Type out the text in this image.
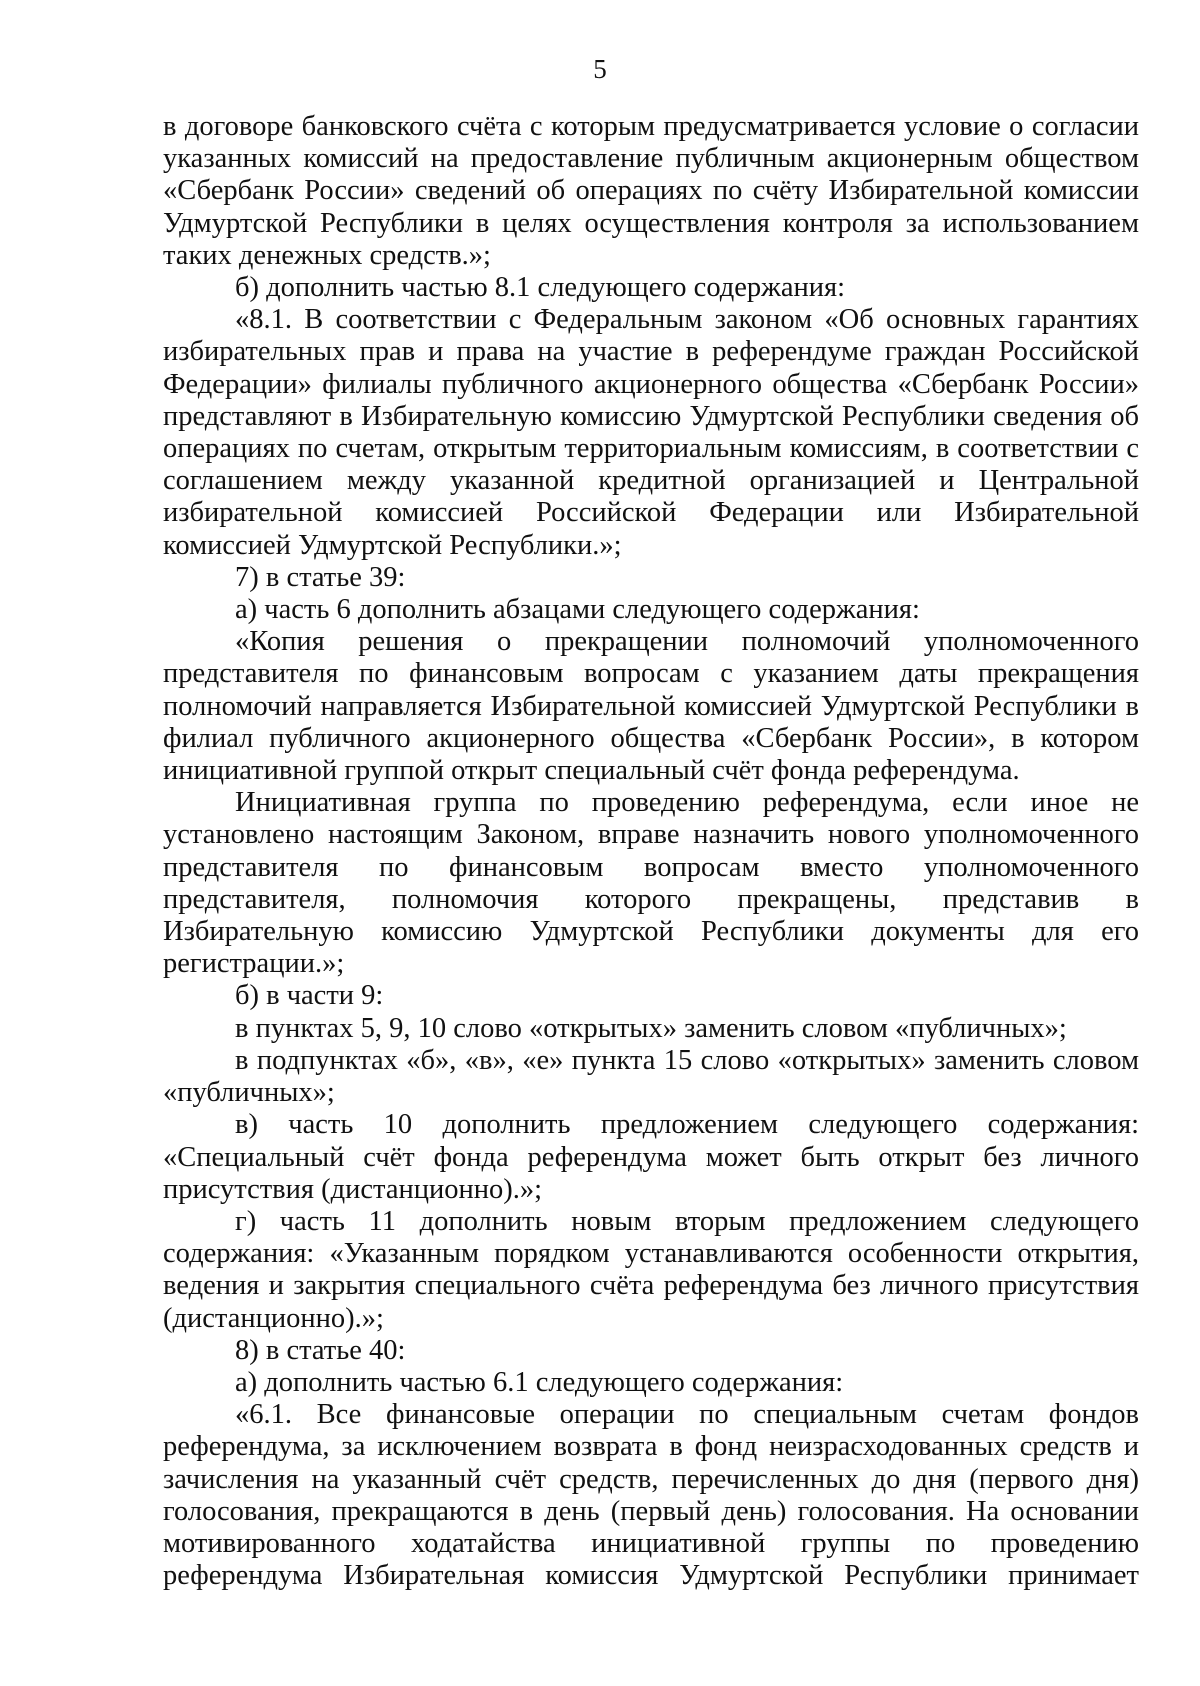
5

в договоре банковского счёта с которым предусматривается условие о согласии указанных комиссий на предоставление публичным акционерным обществом «Сбербанк России» сведений об операциях по счёту Избирательной комиссии Удмуртской Республики в целях осуществления контроля за использованием таких денежных средств.»;

б) дополнить частью 8.1 следующего содержания:

«8.1. В соответствии с Федеральным законом «Об основных гарантиях избирательных прав и права на участие в референдуме граждан Российской Федерации» филиалы публичного акционерного общества «Сбербанк России» представляют в Избирательную комиссию Удмуртской Республики сведения об операциях по счетам, открытым территориальным комиссиям, в соответствии с соглашением между указанной кредитной организацией и Центральной избирательной комиссией Российской Федерации или Избирательной комиссией Удмуртской Республики.»;

7) в статье 39:

а) часть 6 дополнить абзацами следующего содержания:

«Копия решения о прекращении полномочий уполномоченного представителя по финансовым вопросам с указанием даты прекращения полномочий направляется Избирательной комиссией Удмуртской Республики в филиал публичного акционерного общества «Сбербанк России», в котором инициативной группой открыт специальный счёт фонда референдума.

Инициативная группа по проведению референдума, если иное не установлено настоящим Законом, вправе назначить нового уполномоченного представителя по финансовым вопросам вместо уполномоченного представителя, полномочия которого прекращены, представив в Избирательную комиссию Удмуртской Республики документы для его регистрации.»;

б) в части 9:

в пунктах 5, 9, 10 слово «открытых» заменить словом «публичных»;

в подпунктах «б», «в», «е» пункта 15 слово «открытых» заменить словом «публичных»;

в) часть 10 дополнить предложением следующего содержания: «Специальный счёт фонда референдума может быть открыт без личного присутствия (дистанционно).»;

г) часть 11 дополнить новым вторым предложением следующего содержания: «Указанным порядком устанавливаются особенности открытия, ведения и закрытия специального счёта референдума без личного присутствия (дистанционно).»;

8) в статье 40:

а) дополнить частью 6.1 следующего содержания:

«6.1. Все финансовые операции по специальным счетам фондов референдума, за исключением возврата в фонд неизрасходованных средств и зачисления на указанный счёт средств, перечисленных до дня (первого дня) голосования, прекращаются в день (первый день) голосования. На основании мотивированного ходатайства инициативной группы по проведению референдума Избирательная комиссия Удмуртской Республики принимает
